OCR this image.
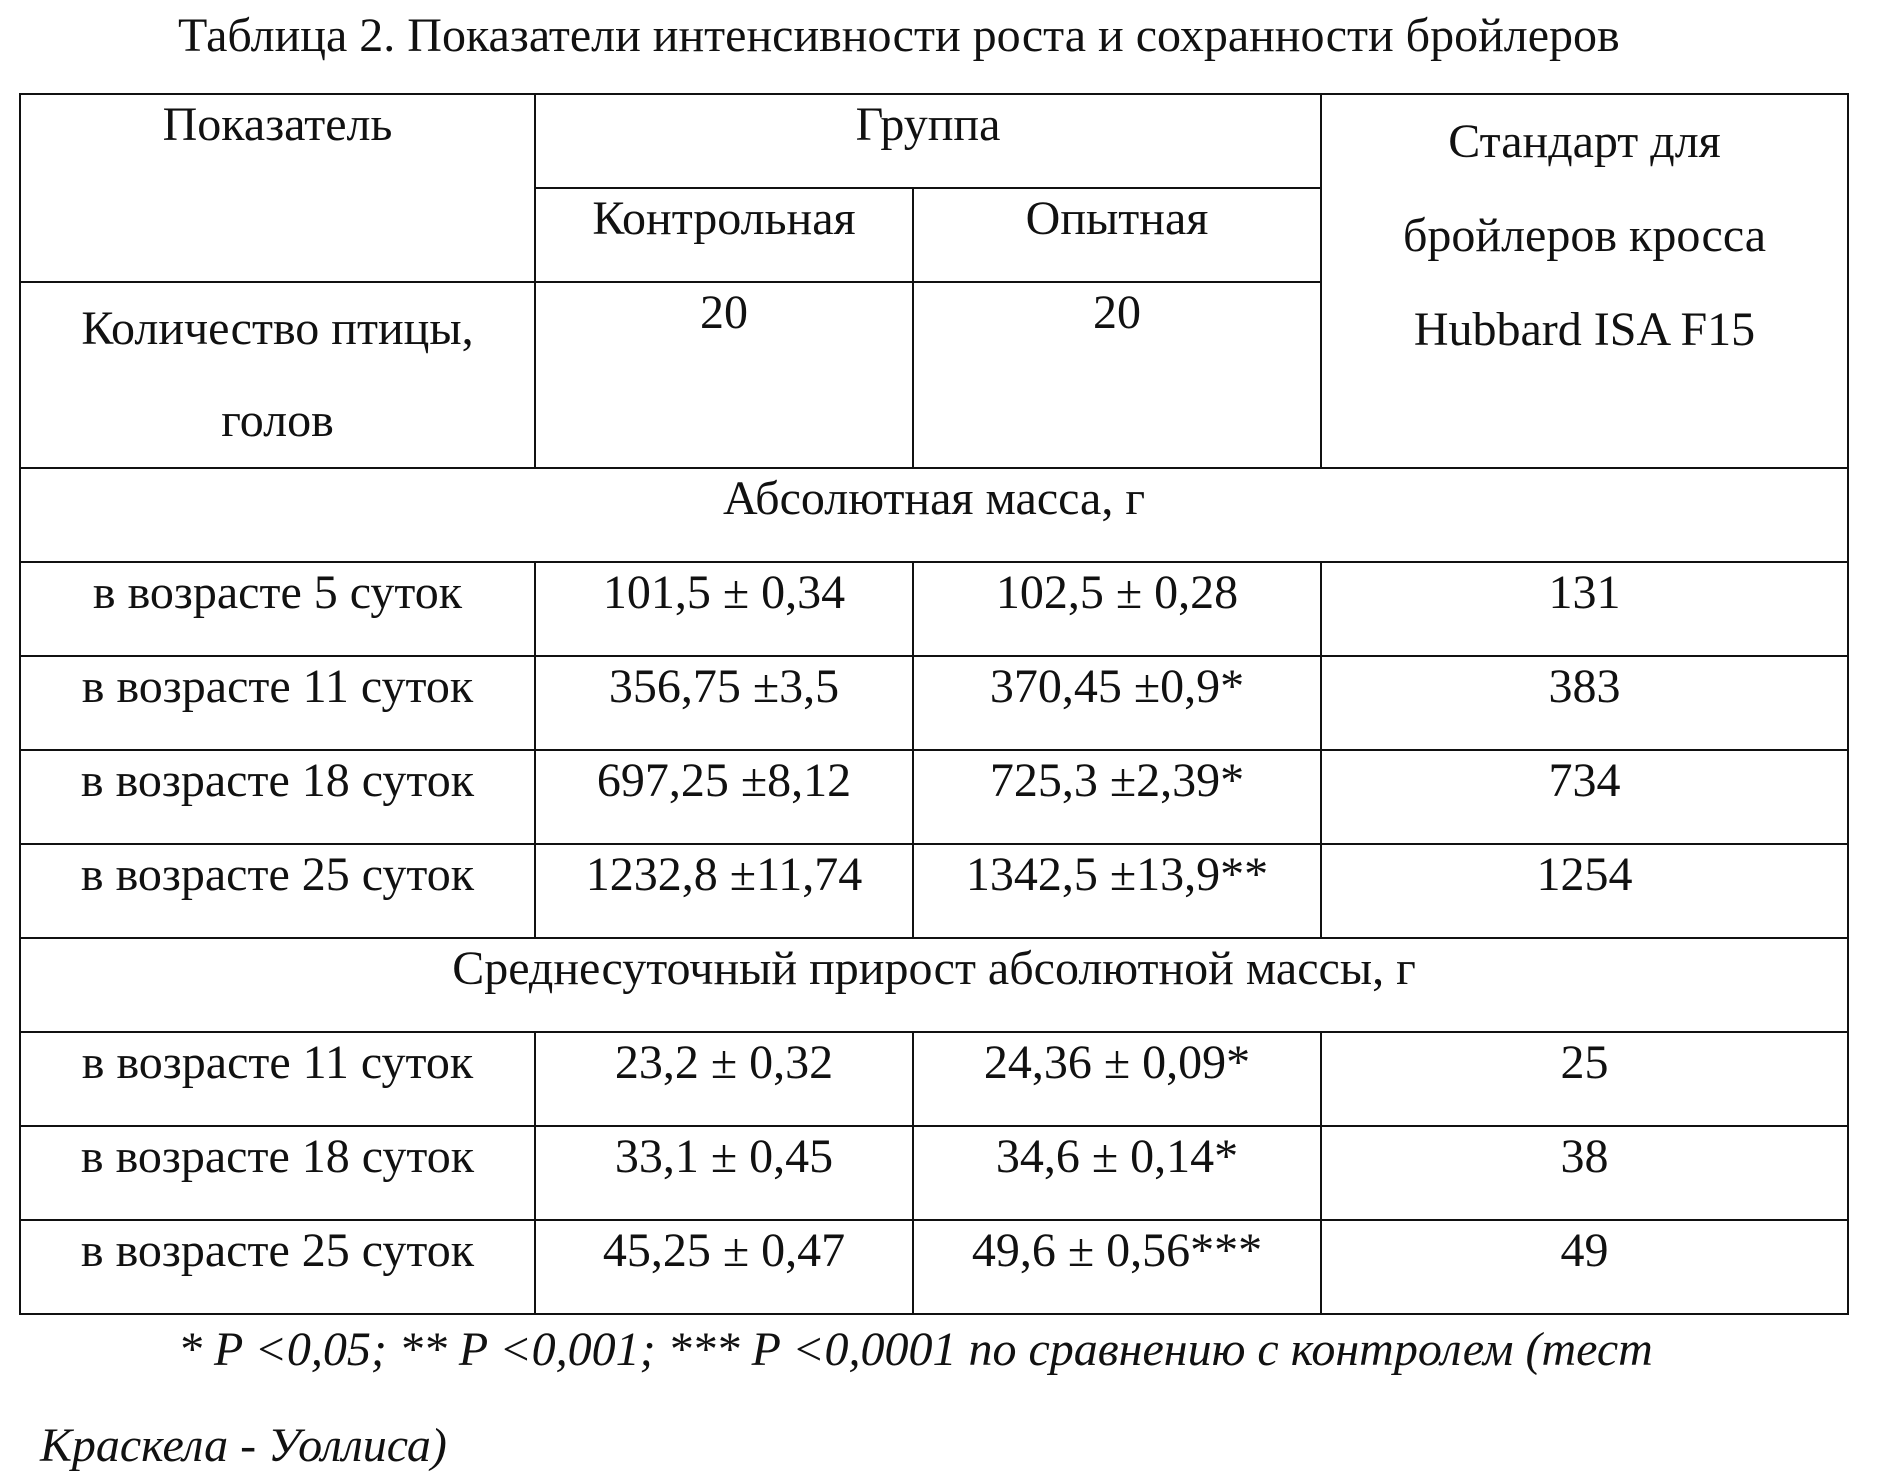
Таблица 2. Показатели интенсивности роста и сохранности бройлеров
Показатель	Группа		Стандарт для
бройлеров кросса
Hubbard ISA F15

	Контрольная	Опытная	

Количество птицы,
голов	20	20	
Абсолютная масса, г			
в возрасте 5 суток	101,5 ± 0,34	102,5 ± 0,28	131
в возрасте 11 суток	356,75 ±3,5	370,45 ±0,9*	383
в возрасте 18 суток	697,25 ±8,12	725,3 ±2,39*	734
в возрасте 25 суток	1232,8 ±11,74	1342,5 ±13,9**	1254
Среднесуточный прирост абсолютной массы, г			
в возрасте 11 суток	23,2 ± 0,32	24,36 ± 0,09*	25
в возрасте 18 суток	33,1 ± 0,45	34,6 ± 0,14*	38
в возрасте 25 суток	45,25 ± 0,47	49,6 ± 0,56***	49
* P <0,05; ** P <0,001; *** P <0,0001 по сравнению с контролем (тест
Краскела - Уоллиса)
